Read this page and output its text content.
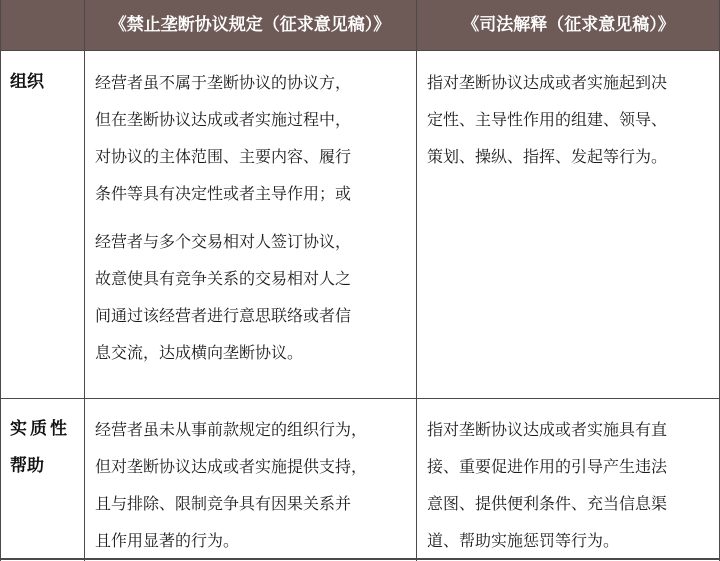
《禁止垄断协议规定（征求意见稿）》	《司法解释（征求意见稿）》
组织	经营者虽不属于垄断协议的协议方，
但在垄断协议达成或者实施过程中，
对协议的主体范围、主要内容、履行
条件等具有决定性或者主导作用；或
经营者与多个交易相对人签订协议，
故意使具有竞争关系的交易相对人之
间通过该经营者进行意思联络或者信
息交流，达成横向垄断协议。
指对垄断协议达成或者实施起到决
定性、主导性作用的组建、领导、
策划、操纵、指挥、发起等行为。
实质性
帮助
经营者虽未从事前款规定的组织行为，
但对垄断协议达成或者实施提供支持，
且与排除、限制竞争具有因果关系并
且作用显著的行为。
指对垄断协议达成或者实施具有直
接、重要促进作用的引导产生违法
意图、提供便利条件、充当信息渠
道、帮助实施惩罚等行为。
